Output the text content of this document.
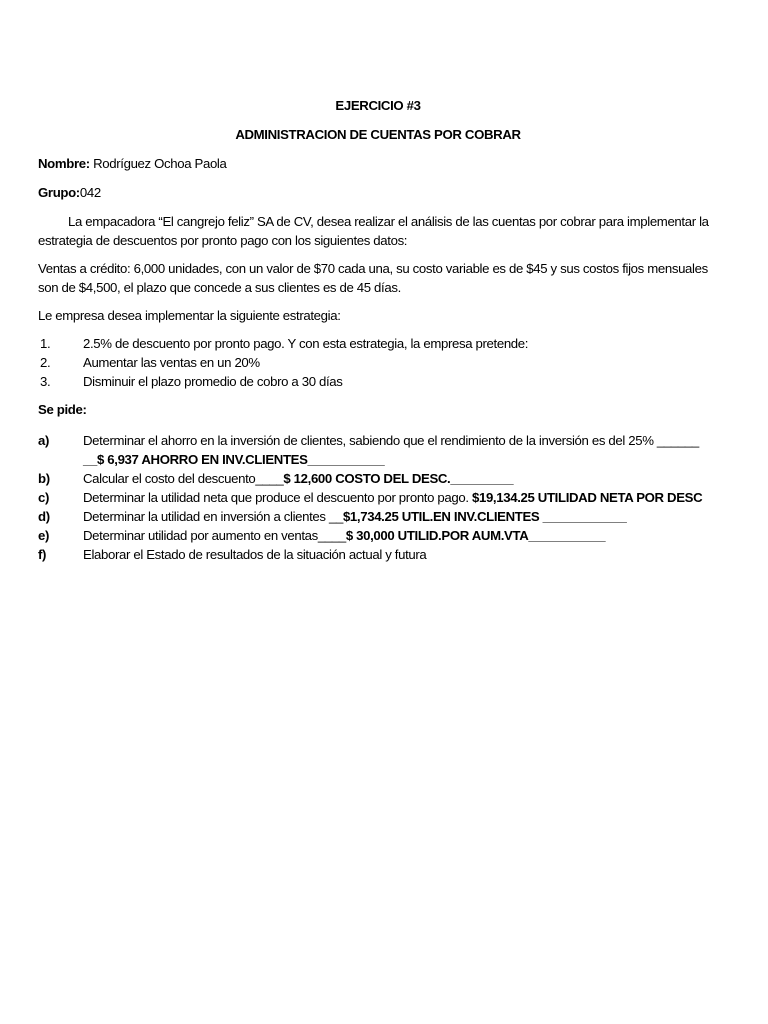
EJERCICIO #3

ADMINISTRACION DE CUENTAS POR COBRAR

Nombre: Rodríguez Ochoa Paola

Grupo:042

La empacadora “El cangrejo feliz” SA de CV, desea realizar el análisis de las cuentas por cobrar para implementar la estrategia de descuentos por pronto pago con los siguientes datos:

Ventas a crédito: 6,000 unidades, con un valor de $70 cada una, su costo variable es de $45 y sus costos fijos mensuales son de $4,500, el plazo que concede a sus clientes es de 45 días.

Le empresa desea implementar la siguiente estrategia:

1. 2.5% de descuento por pronto pago. Y con esta estrategia, la empresa pretende:
2. Aumentar las ventas en un 20%
3. Disminuir el plazo promedio de cobro a 30 días

Se pide:

a)	Determinar el ahorro en la inversión de clientes, sabiendo que el rendimiento de la inversión es del 25% ______
__$ 6,937 AHORRO EN INV.CLIENTES___________
b)	Calcular el costo del descuento____$ 12,600 COSTO DEL DESC._________
c)	Determinar la utilidad neta que produce el descuento por pronto pago. $19,134.25 UTILIDAD NETA POR DESC
d)	Determinar la utilidad en inversión a clientes __$1,734.25 UTIL.EN INV.CLIENTES ____________
e)	Determinar utilidad por aumento en ventas____$ 30,000 UTILID.POR AUM.VTA___________
f)	Elaborar el Estado de resultados de la situación actual y futura
